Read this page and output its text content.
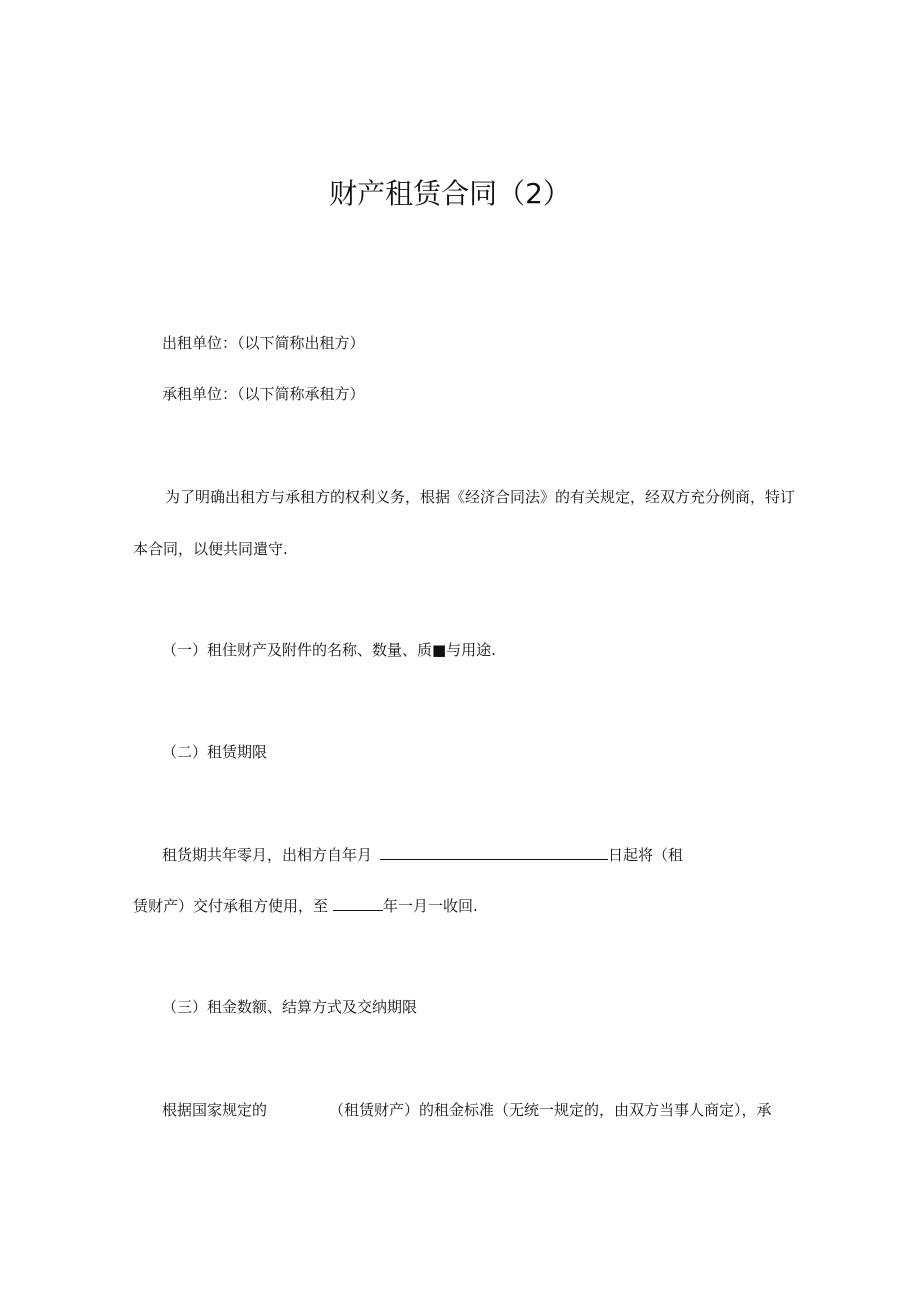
财产租赁合同（2）
出租单位：（以下简称出租方）
承租单位：（以下简称承租方）
为了明确出租方与承租方的权利义务，根据《经济合同法》的有关规定，经双方充分例商，特订
本合同，以便共同遣守.
（一）租住财产及附件的名称、数量、质■与用途.
（二）租赁期限
租货期共年零月，出相方自年月	日起将（租
赁财产）交付承租方使用，至	年一月一收回.
（三）租金数额、结算方式及交纳期限
根据国家规定的	（租赁财产）的租金标准（无统一规定的，由双方当事人商定），承
